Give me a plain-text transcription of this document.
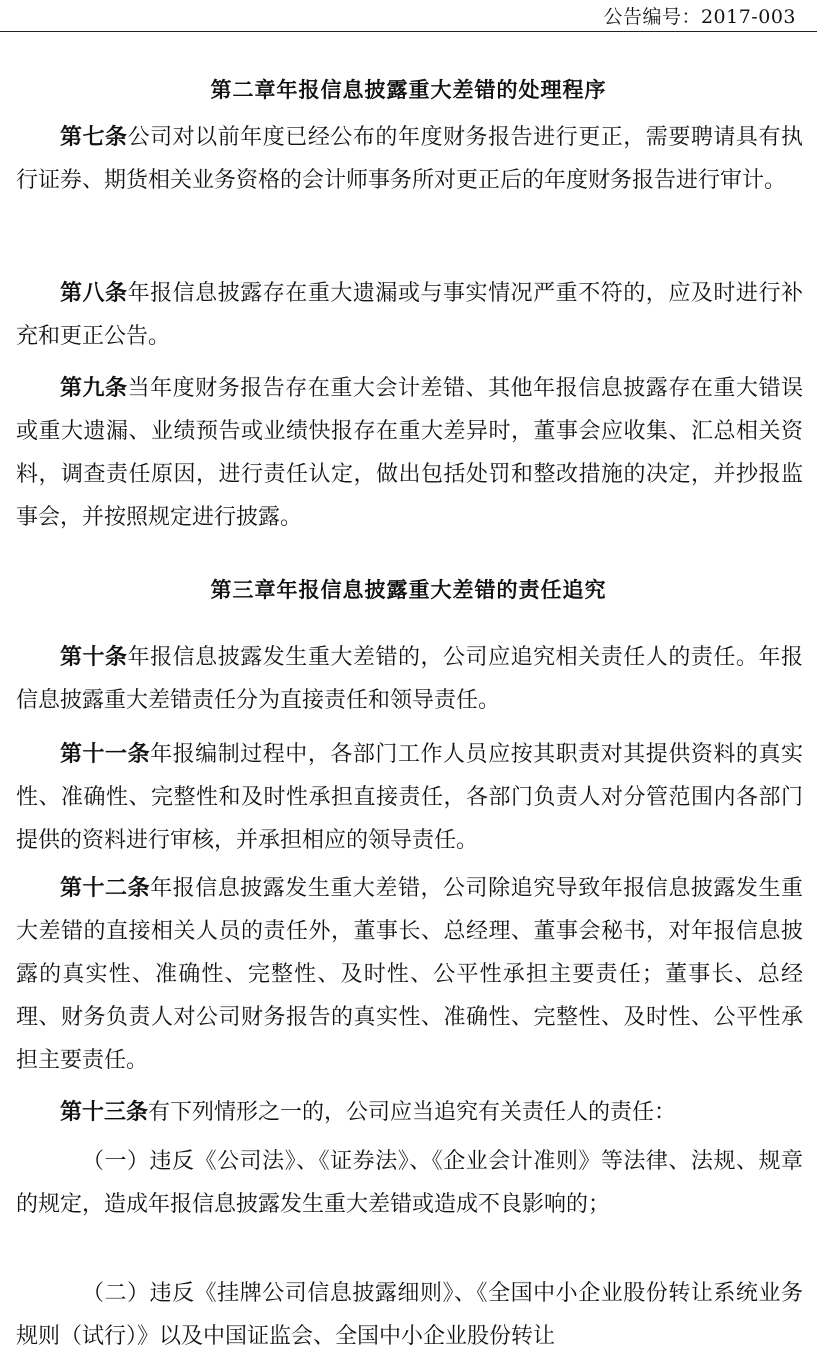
公告编号：2017-003
第二章年报信息披露重大差错的处理程序

第七条公司对以前年度已经公布的年度财务报告进行更正，需要聘请具有执行证券、期货相关业务资格的会计师事务所对更正后的年度财务报告进行审计。

第八条年报信息披露存在重大遗漏或与事实情况严重不符的，应及时进行补充和更正公告。

第九条当年度财务报告存在重大会计差错、其他年报信息披露存在重大错误或重大遗漏、业绩预告或业绩快报存在重大差异时，董事会应收集、汇总相关资料，调查责任原因，进行责任认定，做出包括处罚和整改措施的决定，并抄报监事会，并按照规定进行披露。

第三章年报信息披露重大差错的责任追究

第十条年报信息披露发生重大差错的，公司应追究相关责任人的责任。年报信息披露重大差错责任分为直接责任和领导责任。

第十一条年报编制过程中，各部门工作人员应按其职责对其提供资料的真实性、准确性、完整性和及时性承担直接责任，各部门负责人对分管范围内各部门提供的资料进行审核，并承担相应的领导责任。

第十二条年报信息披露发生重大差错，公司除追究导致年报信息披露发生重大差错的直接相关人员的责任外，董事长、总经理、董事会秘书，对年报信息披露的真实性、准确性、完整性、及时性、公平性承担主要责任；董事长、总经理、财务负责人对公司财务报告的真实性、准确性、完整性、及时性、公平性承担主要责任。

第十三条有下列情形之一的，公司应当追究有关责任人的责任：

（一）违反《公司法》、《证券法》、《企业会计准则》等法律、法规、规章的规定，造成年报信息披露发生重大差错或造成不良影响的；

（二）违反《挂牌公司信息披露细则》、《全国中小企业股份转让系统业务规则（试行）》以及中国证监会、全国中小企业股份转让
